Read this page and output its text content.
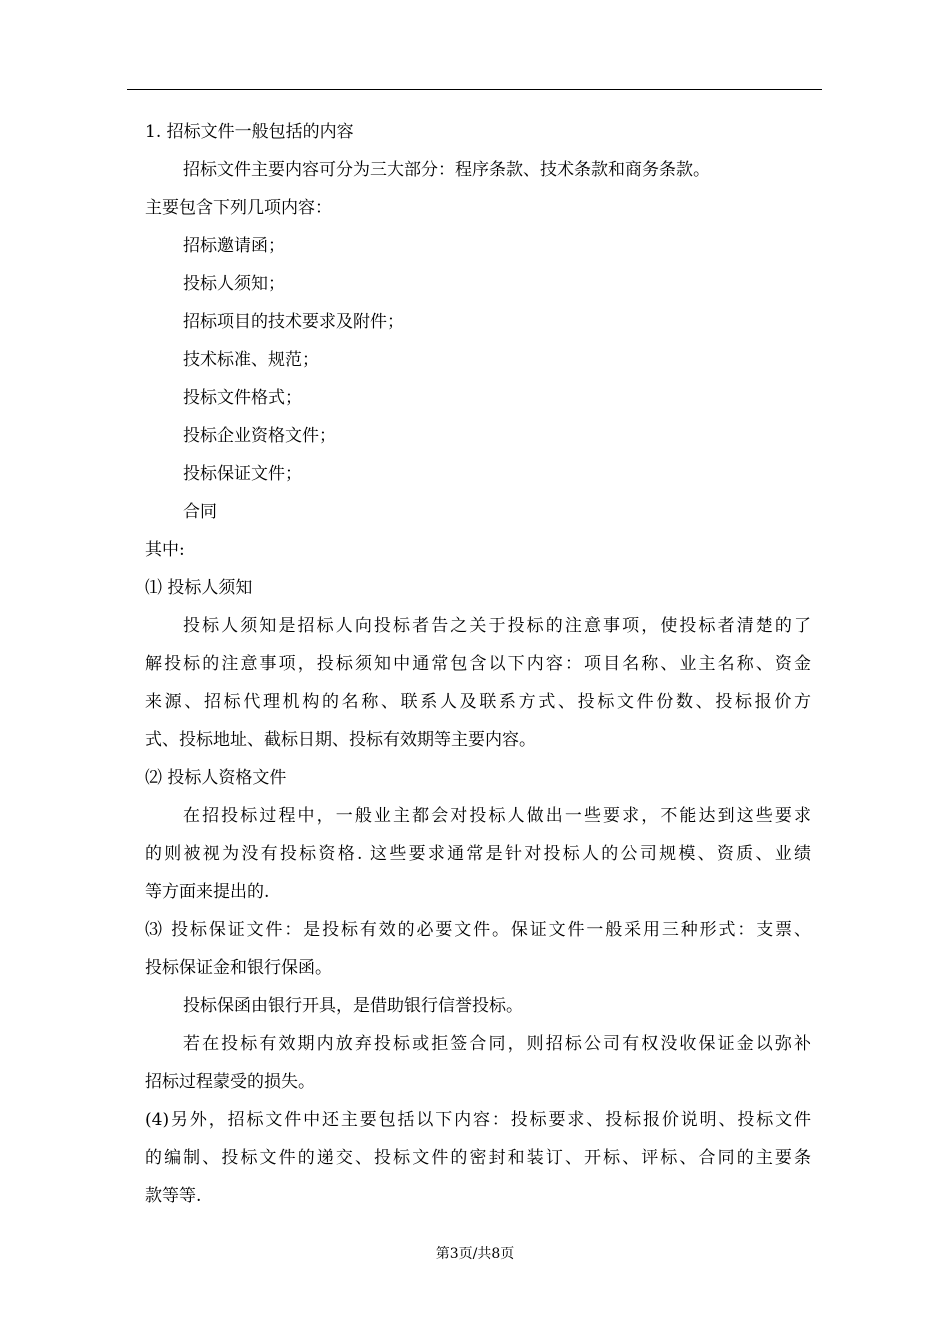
1. 招标文件一般包括的内容
招标文件主要内容可分为三大部分：程序条款、技术条款和商务条款。
主要包含下列几项内容：
招标邀请函；
投标人须知；
招标项目的技术要求及附件；
技术标准、规范；
投标文件格式；
投标企业资格文件；
投标保证文件；
合同
其中:
⑴ 投标人须知
投标人须知是招标人向投标者告之关于投标的注意事项，使投标者清楚的了
解投标的注意事项，投标须知中通常包含以下内容：项目名称、业主名称、资金
来源、招标代理机构的名称、联系人及联系方式、投标文件份数、投标报价方
式、投标地址、截标日期、投标有效期等主要内容。
⑵ 投标人资格文件
在招投标过程中，一般业主都会对投标人做出一些要求，不能达到这些要求
的则被视为没有投标资格. 这些要求通常是针对投标人的公司规模、资质、业绩
等方面来提出的.
⑶ 投标保证文件：是投标有效的必要文件。保证文件一般采用三种形式：支票、
投标保证金和银行保函。
投标保函由银行开具，是借助银行信誉投标。
若在投标有效期内放弃投标或拒签合同，则招标公司有权没收保证金以弥补
招标过程蒙受的损失。
(4)另外，招标文件中还主要包括以下内容：投标要求、投标报价说明、投标文件
的编制、投标文件的递交、投标文件的密封和装订、开标、评标、合同的主要条
款等等.
第3页/共8页
